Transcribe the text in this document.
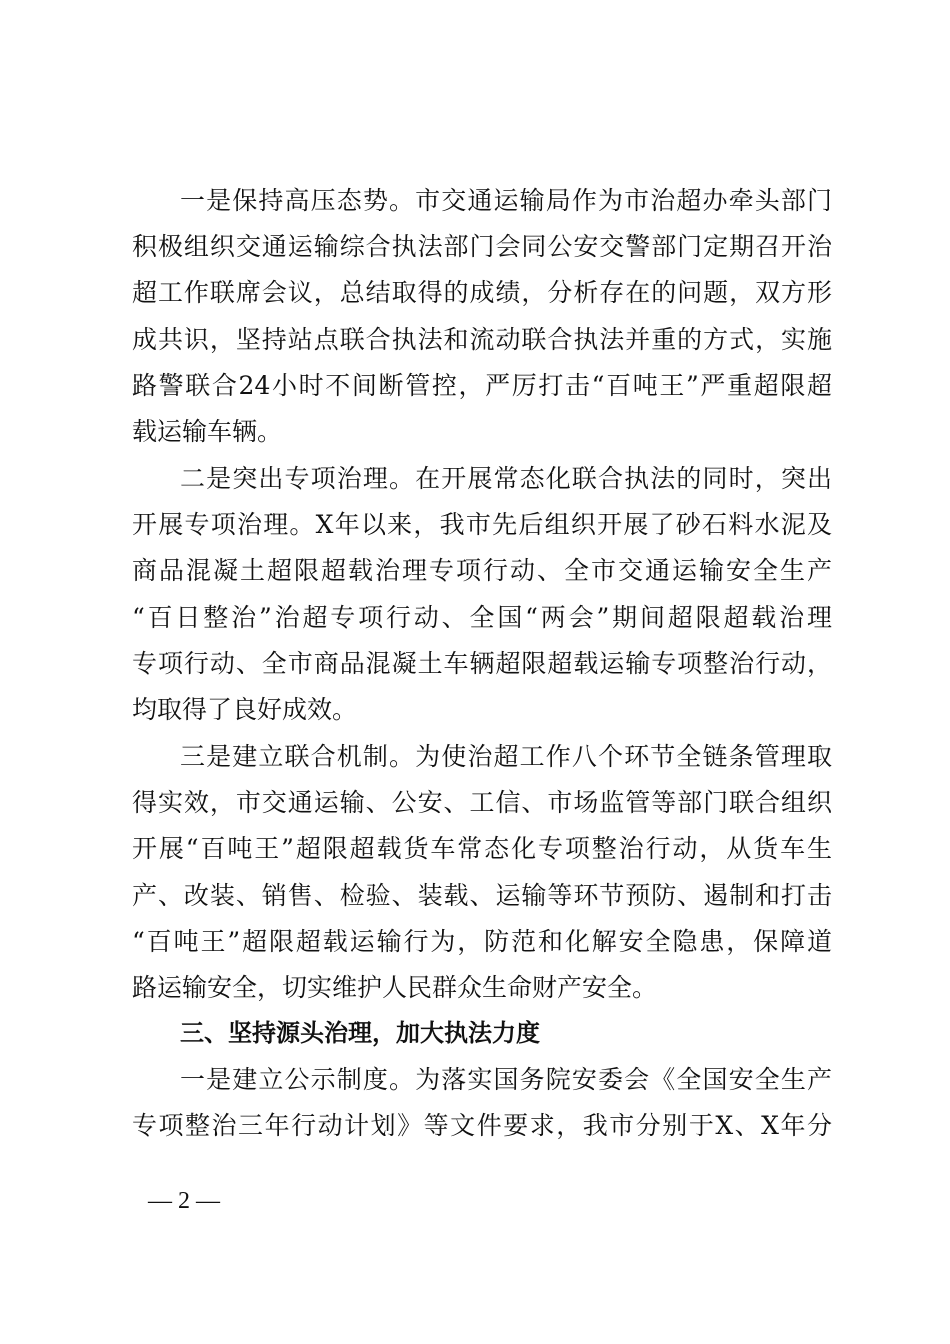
一是保持高压态势。市交通运输局作为市治超办牵头部门

积极组织交通运输综合执法部门会同公安交警部门定期召开治

超工作联席会议，总结取得的成绩，分析存在的问题，双方形

成共识，坚持站点联合执法和流动联合执法并重的方式，实施

路警联合24小时不间断管控，严厉打击“百吨王”严重超限超

载运输车辆。

二是突出专项治理。在开展常态化联合执法的同时，突出

开展专项治理。X年以来，我市先后组织开展了砂石料水泥及

商品混凝土超限超载治理专项行动、全市交通运输安全生产

“百日整治”治超专项行动、全国“两会”期间超限超载治理

专项行动、全市商品混凝土车辆超限超载运输专项整治行动，

均取得了良好成效。

三是建立联合机制。为使治超工作八个环节全链条管理取

得实效，市交通运输、公安、工信、市场监管等部门联合组织

开展“百吨王”超限超载货车常态化专项整治行动，从货车生

产、改装、销售、检验、装载、运输等环节预防、遏制和打击

“百吨王”超限超载运输行为，防范和化解安全隐患，保障道

路运输安全，切实维护人民群众生命财产安全。

三、坚持源头治理，加大执法力度

一是建立公示制度。为落实国务院安委会《全国安全生产

专项整治三年行动计划》等文件要求，我市分别于X、X年分

— 2 —
